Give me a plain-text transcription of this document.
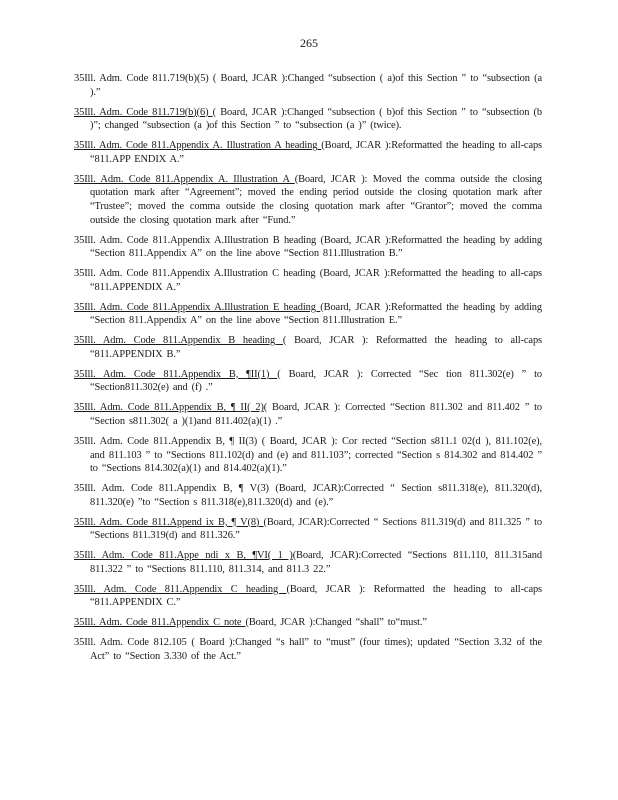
265

35Ill. Adm. Code 811.719(b)(5) ( Board, JCAR ):Changed “subsection ( a)of this Section ” to “subsection (a ).”

35Ill. Adm. Code 811.719(b)(6) ( Board, JCAR ):Changed “subsection ( b)of this Section ” to “subsection (b )”; changed “subsection (a )of this Section ” to “subsection (a )” (twice).

35Ill. Adm. Code 811.Appendix A. Illustration A heading (Board, JCAR ):Reformatted the heading to all-caps “811.APP ENDIX A.”

35Ill. Adm. Code 811.Appendix A. Illustration A (Board, JCAR ): Moved the comma outside the closing quotation mark after “Agreement”; moved the ending period outside the closing quotation mark after “Trustee”; moved the comma outside the closing quotation mark after “Grantor”; moved the comma outside the closing quotation mark after “Fund.”

35Ill. Adm. Code 811.Appendix A.Illustration B heading (Board, JCAR ):Reformatted the heading by adding “Section 811.Appendix A” on the line above “Section 811.Illustration B.”

35Ill. Adm. Code 811.Appendix A.Illustration C heading (Board, JCAR ):Reformatted the heading to all-caps “811.APPENDIX A.”

35Ill. Adm. Code 811.Appendix A.Illustration E heading (Board, JCAR ):Reformatted the heading by adding “Section 811.Appendix A” on the line above “Section 811.Illustration E.”

35Ill. Adm. Code 811.Appendix B heading ( Board, JCAR ): Reformatted the heading to all-caps “811.APPENDIX B.”

35Ill. Adm. Code 811.Appendix B, ¶II(1) ( Board, JCAR ): Corrected “Sec tion 811.302(e) ” to “Section811.302(e) and (f) .”

35Ill. Adm. Code 811.Appendix B, ¶ II( 2)( Board, JCAR ): Corrected “Section 811.302 and 811.402 ” to “Section s811.302( a )(1)and 811.402(a)(1) .”

35Ill. Adm. Code 811.Appendix B, ¶ II(3) ( Board, JCAR ): Cor rected “Section s811.1 02(d ), 811.102(e), and 811.103 ” to “Sections 811.102(d) and (e) and 811.103”; corrected “Section s 814.302 and 814.402 ” to “Sections 814.302(a)(1) and 814.402(a)(1).”

35Ill. Adm. Code 811.Appendix B, ¶ V(3) (Board, JCAR):Corrected “ Section s811.318(e), 811.320(d), 811.320(e) ”to “Section s 811.318(e),811.320(d) and (e).”

35Ill. Adm. Code 811.Append ix B, ¶ V(8) (Board, JCAR):Corrected “ Sections 811.319(d) and 811.325 ” to “Sections 811.319(d) and 811.326.”

35Ill. Adm. Code 811.Appe ndi x B, ¶VI( 1 )(Board, JCAR):Corrected “Sections 811.110, 811.315and 811.322 ” to “Sections 811.110, 811.314, and 811.3 22.”

35Ill. Adm. Code 811.Appendix C heading (Board, JCAR ): Reformatted the heading to all-caps “811.APPENDIX C.”

35Ill. Adm. Code 811.Appendix C note (Board, JCAR ):Changed “shall” to“must.”

35Ill. Adm. Code 812.105 ( Board ):Changed “s hall” to “must” (four times); updated “Section 3.32 of the Act” to “Section 3.330 of the Act.”
